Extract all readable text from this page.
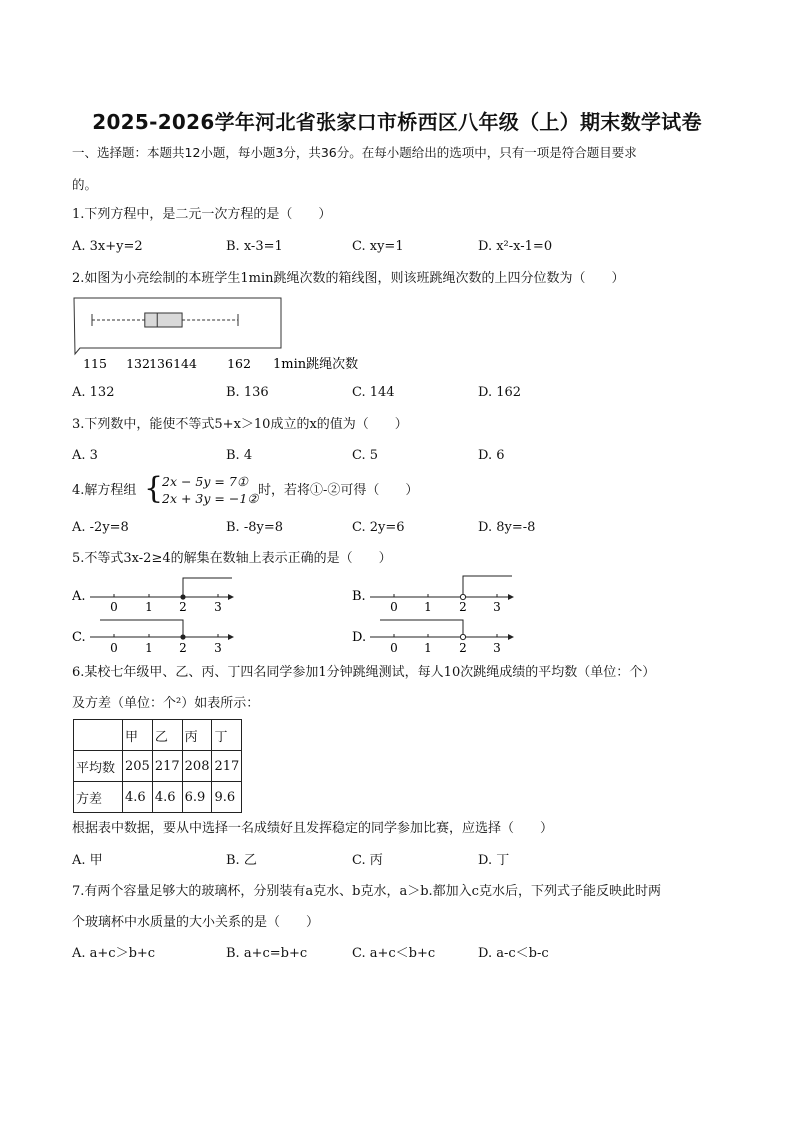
2025-2026学年河北省张家口市桥西区八年级（上）期末数学试卷
一、选择题：本题共12小题，每小题3分，共36分。在每小题给出的选项中，只有一项是符合题目要求
的。
1.下列方程中，是二元一次方程的是（　　）
A. 3x+y=2	B. x-3=1	C. xy=1	D. x²-x-1=0
2.如图为小亮绘制的本班学生1min跳绳次数的箱线图，则该班跳绳次数的上四分位数为（　　）
115 132 136 144 162 1min跳绳次数
A. 132	B. 136	C. 144	D. 162
3.下列数中，能使不等式5+x＞10成立的x的值为（　　）
A. 3	B. 4	C. 5	D. 6
4.解方程组 {
2x − 5y = 7①
2x + 3y = −1②
时，若将①-②可得（　　）
A. -2y=8	B. -8y=8	C. 2y=6	D. 8y=-8
5.不等式3x-2≥4的解集在数轴上表示正确的是（　　）
A.
0 1 2 3
B.
0 1 2 3
C.
0 1 2 3
D.
0 1 2 3
6.某校七年级甲、乙、丙、丁四名同学参加1分钟跳绳测试，每人10次跳绳成绩的平均数（单位：个）
及方差（单位：个²）如表所示：
	甲	乙	丙	丁
平均数	205	217	208	217
方差	4.6	4.6	6.9	9.6
根据表中数据，要从中选择一名成绩好且发挥稳定的同学参加比赛，应选择（　　）
A. 甲	B. 乙	C. 丙	D. 丁
7.有两个容量足够大的玻璃杯，分别装有a克水、b克水，a＞b.都加入c克水后，下列式子能反映此时两
个玻璃杯中水质量的大小关系的是（　　）
A. a+c＞b+c	B. a+c=b+c	C. a+c＜b+c	D. a-c＜b-c
